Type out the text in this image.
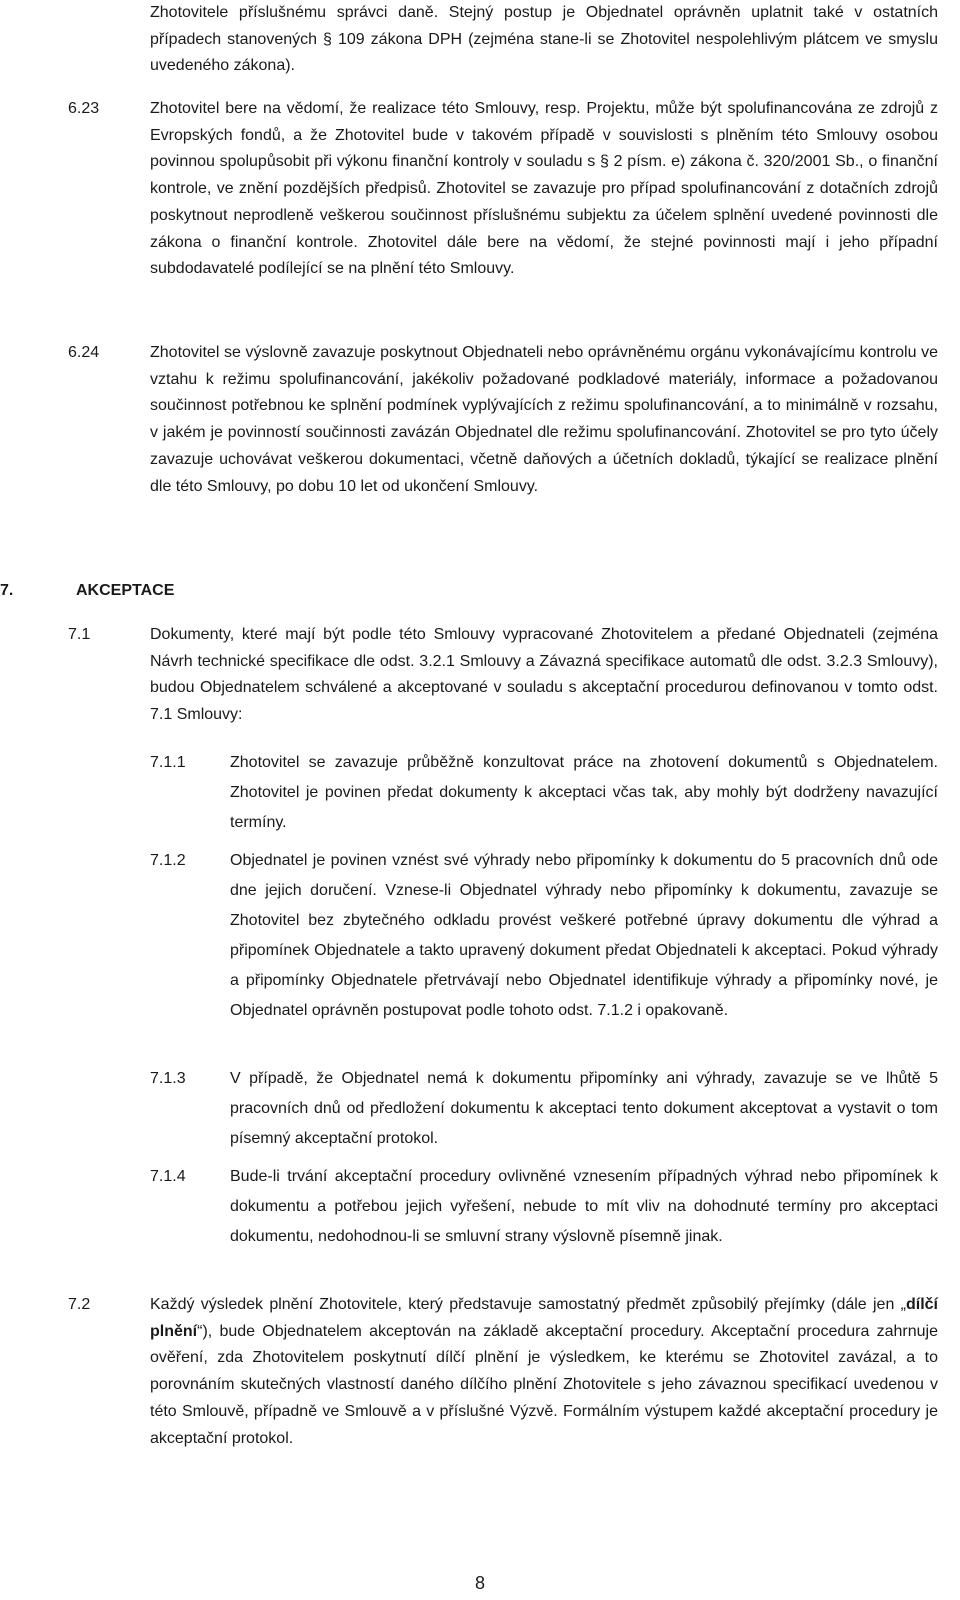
Zhotovitele příslušnému správci daně. Stejný postup je Objednatel oprávněn uplatnit také v ostatních případech stanovených § 109 zákona DPH (zejména stane-li se Zhotovitel nespolehlivým plátcem ve smyslu uvedeného zákona).
6.23	Zhotovitel bere na vědomí, že realizace této Smlouvy, resp. Projektu, může být spolufinancována ze zdrojů z Evropských fondů, a že Zhotovitel bude v takovém případě v souvislosti s plněním této Smlouvy osobou povinnou spolupůsobit při výkonu finanční kontroly v souladu s § 2 písm. e) zákona č. 320/2001 Sb., o finanční kontrole, ve znění pozdějších předpisů. Zhotovitel se zavazuje pro případ spolufinancování z dotačních zdrojů poskytnout neprodleně veškerou součinnost příslušnému subjektu za účelem splnění uvedené povinnosti dle zákona o finanční kontrole. Zhotovitel dále bere na vědomí, že stejné povinnosti mají i jeho případní subdodavatelé podílející se na plnění této Smlouvy.
6.24	Zhotovitel se výslovně zavazuje poskytnout Objednateli nebo oprávněnému orgánu vykonávajícímu kontrolu ve vztahu k režimu spolufinancování, jakékoliv požadované podkladové materiály, informace a požadovanou součinnost potřebnou ke splnění podmínek vyplývajících z režimu spolufinancování, a to minimálně v rozsahu, v jakém je povinností součinnosti zavázán Objednatel dle režimu spolufinancování. Zhotovitel se pro tyto účely zavazuje uchovávat veškerou dokumentaci, včetně daňových a účetních dokladů, týkající se realizace plnění dle této Smlouvy, po dobu 10 let od ukončení Smlouvy.
7.	AKCEPTACE
7.1	Dokumenty, které mají být podle této Smlouvy vypracované Zhotovitelem a předané Objednateli (zejména Návrh technické specifikace dle odst. 3.2.1 Smlouvy a Závazná specifikace automatů dle odst. 3.2.3 Smlouvy), budou Objednatelem schválené a akceptované v souladu s akceptační procedurou definovanou v tomto odst. 7.1 Smlouvy:
7.1.1	Zhotovitel se zavazuje průběžně konzultovat práce na zhotovení dokumentů s Objednatelem. Zhotovitel je povinen předat dokumenty k akceptaci včas tak, aby mohly být dodrženy navazující termíny.
7.1.2	Objednatel je povinen vznést své výhrady nebo připomínky k dokumentu do 5 pracovních dnů ode dne jejich doručení. Vznese-li Objednatel výhrady nebo připomínky k dokumentu, zavazuje se Zhotovitel bez zbytečného odkladu provést veškeré potřebné úpravy dokumentu dle výhrad a připomínek Objednatele a takto upravený dokument předat Objednateli k akceptaci. Pokud výhrady a připomínky Objednatele přetrvávají nebo Objednatel identifikuje výhrady a připomínky nové, je Objednatel oprávněn postupovat podle tohoto odst. 7.1.2 i opakovaně.
7.1.3	V případě, že Objednatel nemá k dokumentu připomínky ani výhrady, zavazuje se ve lhůtě 5 pracovních dnů od předložení dokumentu k akceptaci tento dokument akceptovat a vystavit o tom písemný akceptační protokol.
7.1.4	Bude-li trvání akceptační procedury ovlivněné vznesením případných výhrad nebo připomínek k dokumentu a potřebou jejich vyřešení, nebude to mít vliv na dohodnuté termíny pro akceptaci dokumentu, nedohodnou-li se smluvní strany výslovně písemně jinak.
7.2	Každý výsledek plnění Zhotovitele, který představuje samostatný předmět způsobilý přejímky (dále jen „dílčí plnění“), bude Objednatelem akceptován na základě akceptační procedury. Akceptační procedura zahrnuje ověření, zda Zhotovitelem poskytnutí dílčí plnění je výsledkem, ke kterému se Zhotovitel zavázal, a to porovnáním skutečných vlastností daného dílčího plnění Zhotovitele s jeho závaznou specifikací uvedenou v této Smlouvě, případně ve Smlouvě a v příslušné Výzvě. Formálním výstupem každé akceptační procedury je akceptační protokol.
8
